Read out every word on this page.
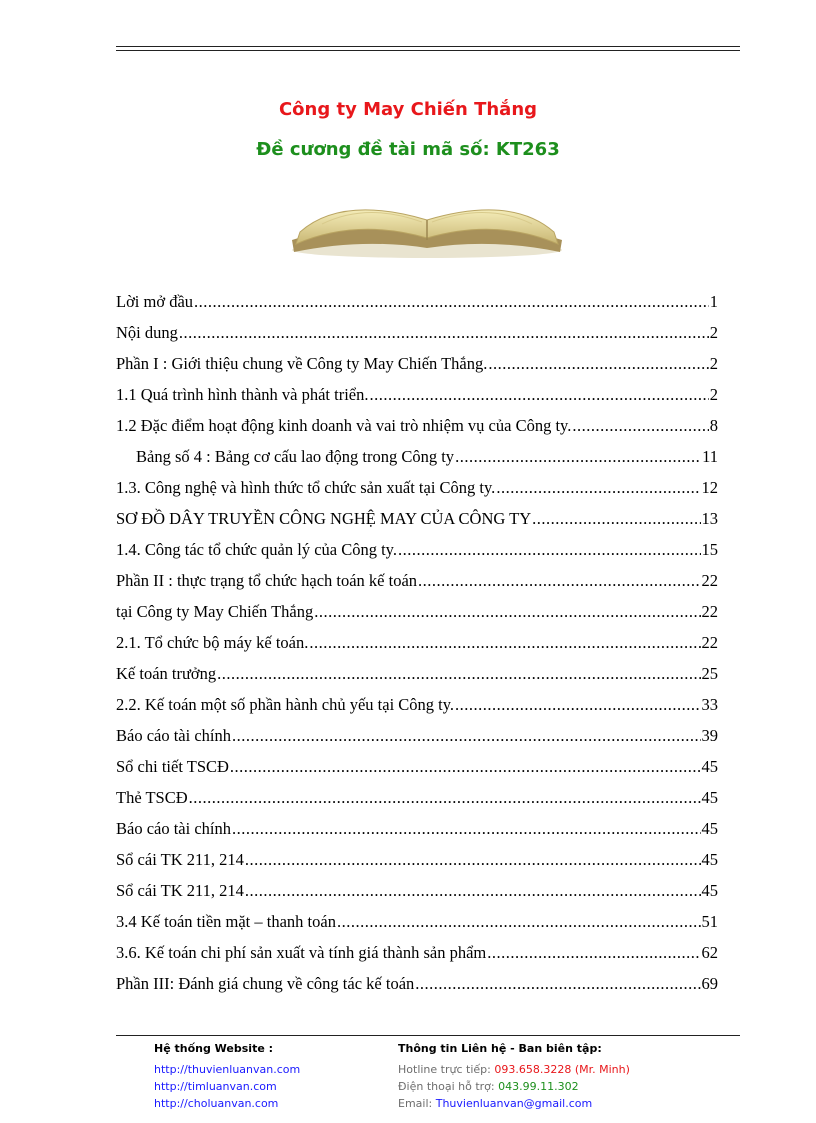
Công ty May Chiến Thắng
Đề cương đề tài mã số: KT263
Lời mở đầu .....	1
Nội dung .....	2
Phần I : Giới thiệu chung về Công ty May Chiến Thắng. .....	2
1.1 Quá trình hình thành và phát triển. .....	2
1.2 Đặc điểm hoạt động kinh doanh và vai trò nhiệm vụ của Công ty. .....	8
Bảng số 4 : Bảng cơ cấu lao động trong Công ty .....	11
1.3. Công nghệ và hình thức tổ chức sản xuất tại Công ty. .....	12
SƠ ĐỒ DÂY TRUYỀN CÔNG NGHỆ MAY CỦA CÔNG TY .....	13
1.4. Công tác tổ chức quản lý của Công ty. .....	15
Phần II : thực trạng tổ chức hạch toán kế toán .....	22
tại Công ty May Chiến Thắng .....	22
2.1. Tổ chức bộ máy kế toán. .....	22
Kế toán trưởng .....	25
2.2. Kế toán một số phần hành chủ yếu tại Công ty. .....	33
Báo cáo tài chính .....	39
Sổ chi tiết TSCĐ .....	45
Thẻ TSCĐ .....	45
Báo cáo tài chính .....	45
Sổ cái TK 211, 214 .....	45
Sổ cái TK 211, 214 .....	45
3.4 Kế toán tiền mặt – thanh toán .....	51
3.6. Kế toán chi phí sản xuất và tính giá thành sản phẩm .....	62
Phần III: Đánh giá chung về công tác kế toán .....	69
Hệ thống Website :
http://thuvienluanvan.com
http://timluanvan.com
http://choluanvan.com
Thông tin Liên hệ - Ban biên tập:
Hotline trực tiếp: 093.658.3228 (Mr. Minh)
Điện thoại hỗ trợ: 043.99.11.302
Email: Thuvienluanvan@gmail.com
